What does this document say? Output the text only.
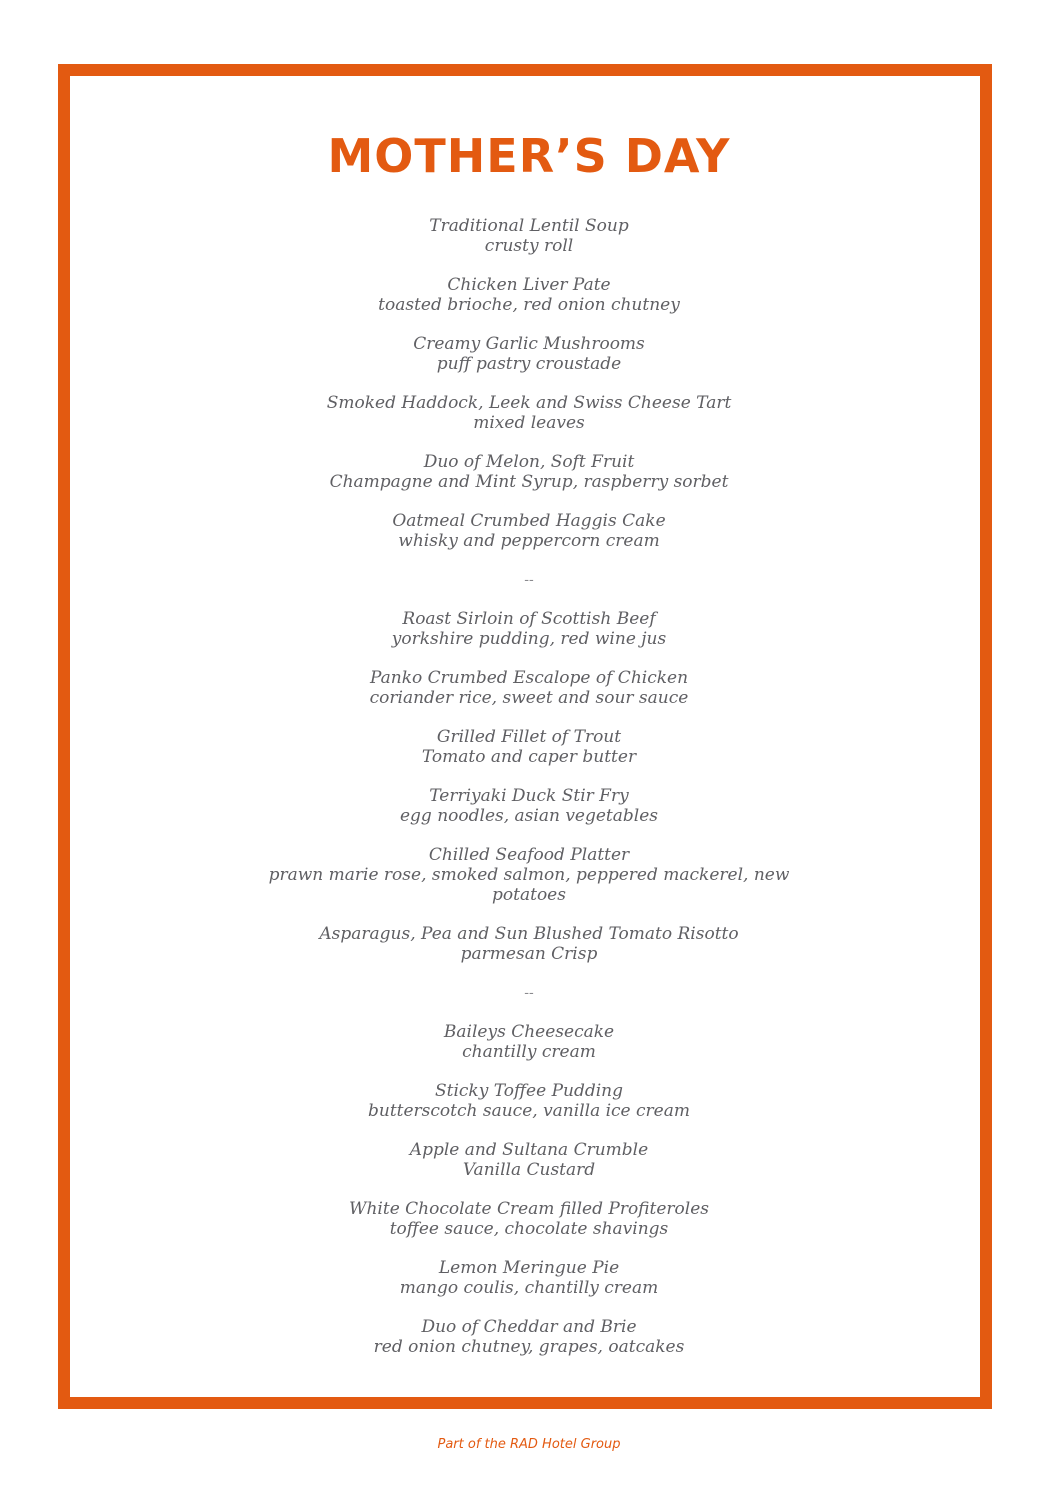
MOTHER’S DAY
Traditional Lentil Soup
crusty roll
Chicken Liver Pate
toasted brioche, red onion chutney
Creamy Garlic Mushrooms
puff pastry croustade
Smoked Haddock, Leek and Swiss Cheese Tart
mixed leaves
Duo of Melon, Soft Fruit
Champagne and Mint Syrup, raspberry sorbet
Oatmeal Crumbed Haggis Cake
whisky and peppercorn cream
--
Roast Sirloin of Scottish Beef
yorkshire pudding, red wine jus
Panko Crumbed Escalope of Chicken
coriander rice, sweet and sour sauce
Grilled Fillet of Trout
Tomato and caper butter
Terriyaki Duck Stir Fry
egg noodles, asian vegetables
Chilled Seafood Platter
prawn marie rose, smoked salmon, peppered mackerel, new potatoes
Asparagus, Pea and Sun Blushed Tomato Risotto
parmesan Crisp
--
Baileys Cheesecake
chantilly cream
Sticky Toffee Pudding
butterscotch sauce, vanilla ice cream
Apple and Sultana Crumble
Vanilla Custard
White Chocolate Cream filled Profiteroles
toffee sauce, chocolate shavings
Lemon Meringue Pie
mango coulis, chantilly cream
Duo of Cheddar and Brie
red onion chutney, grapes, oatcakes
Part of the RAD Hotel Group
